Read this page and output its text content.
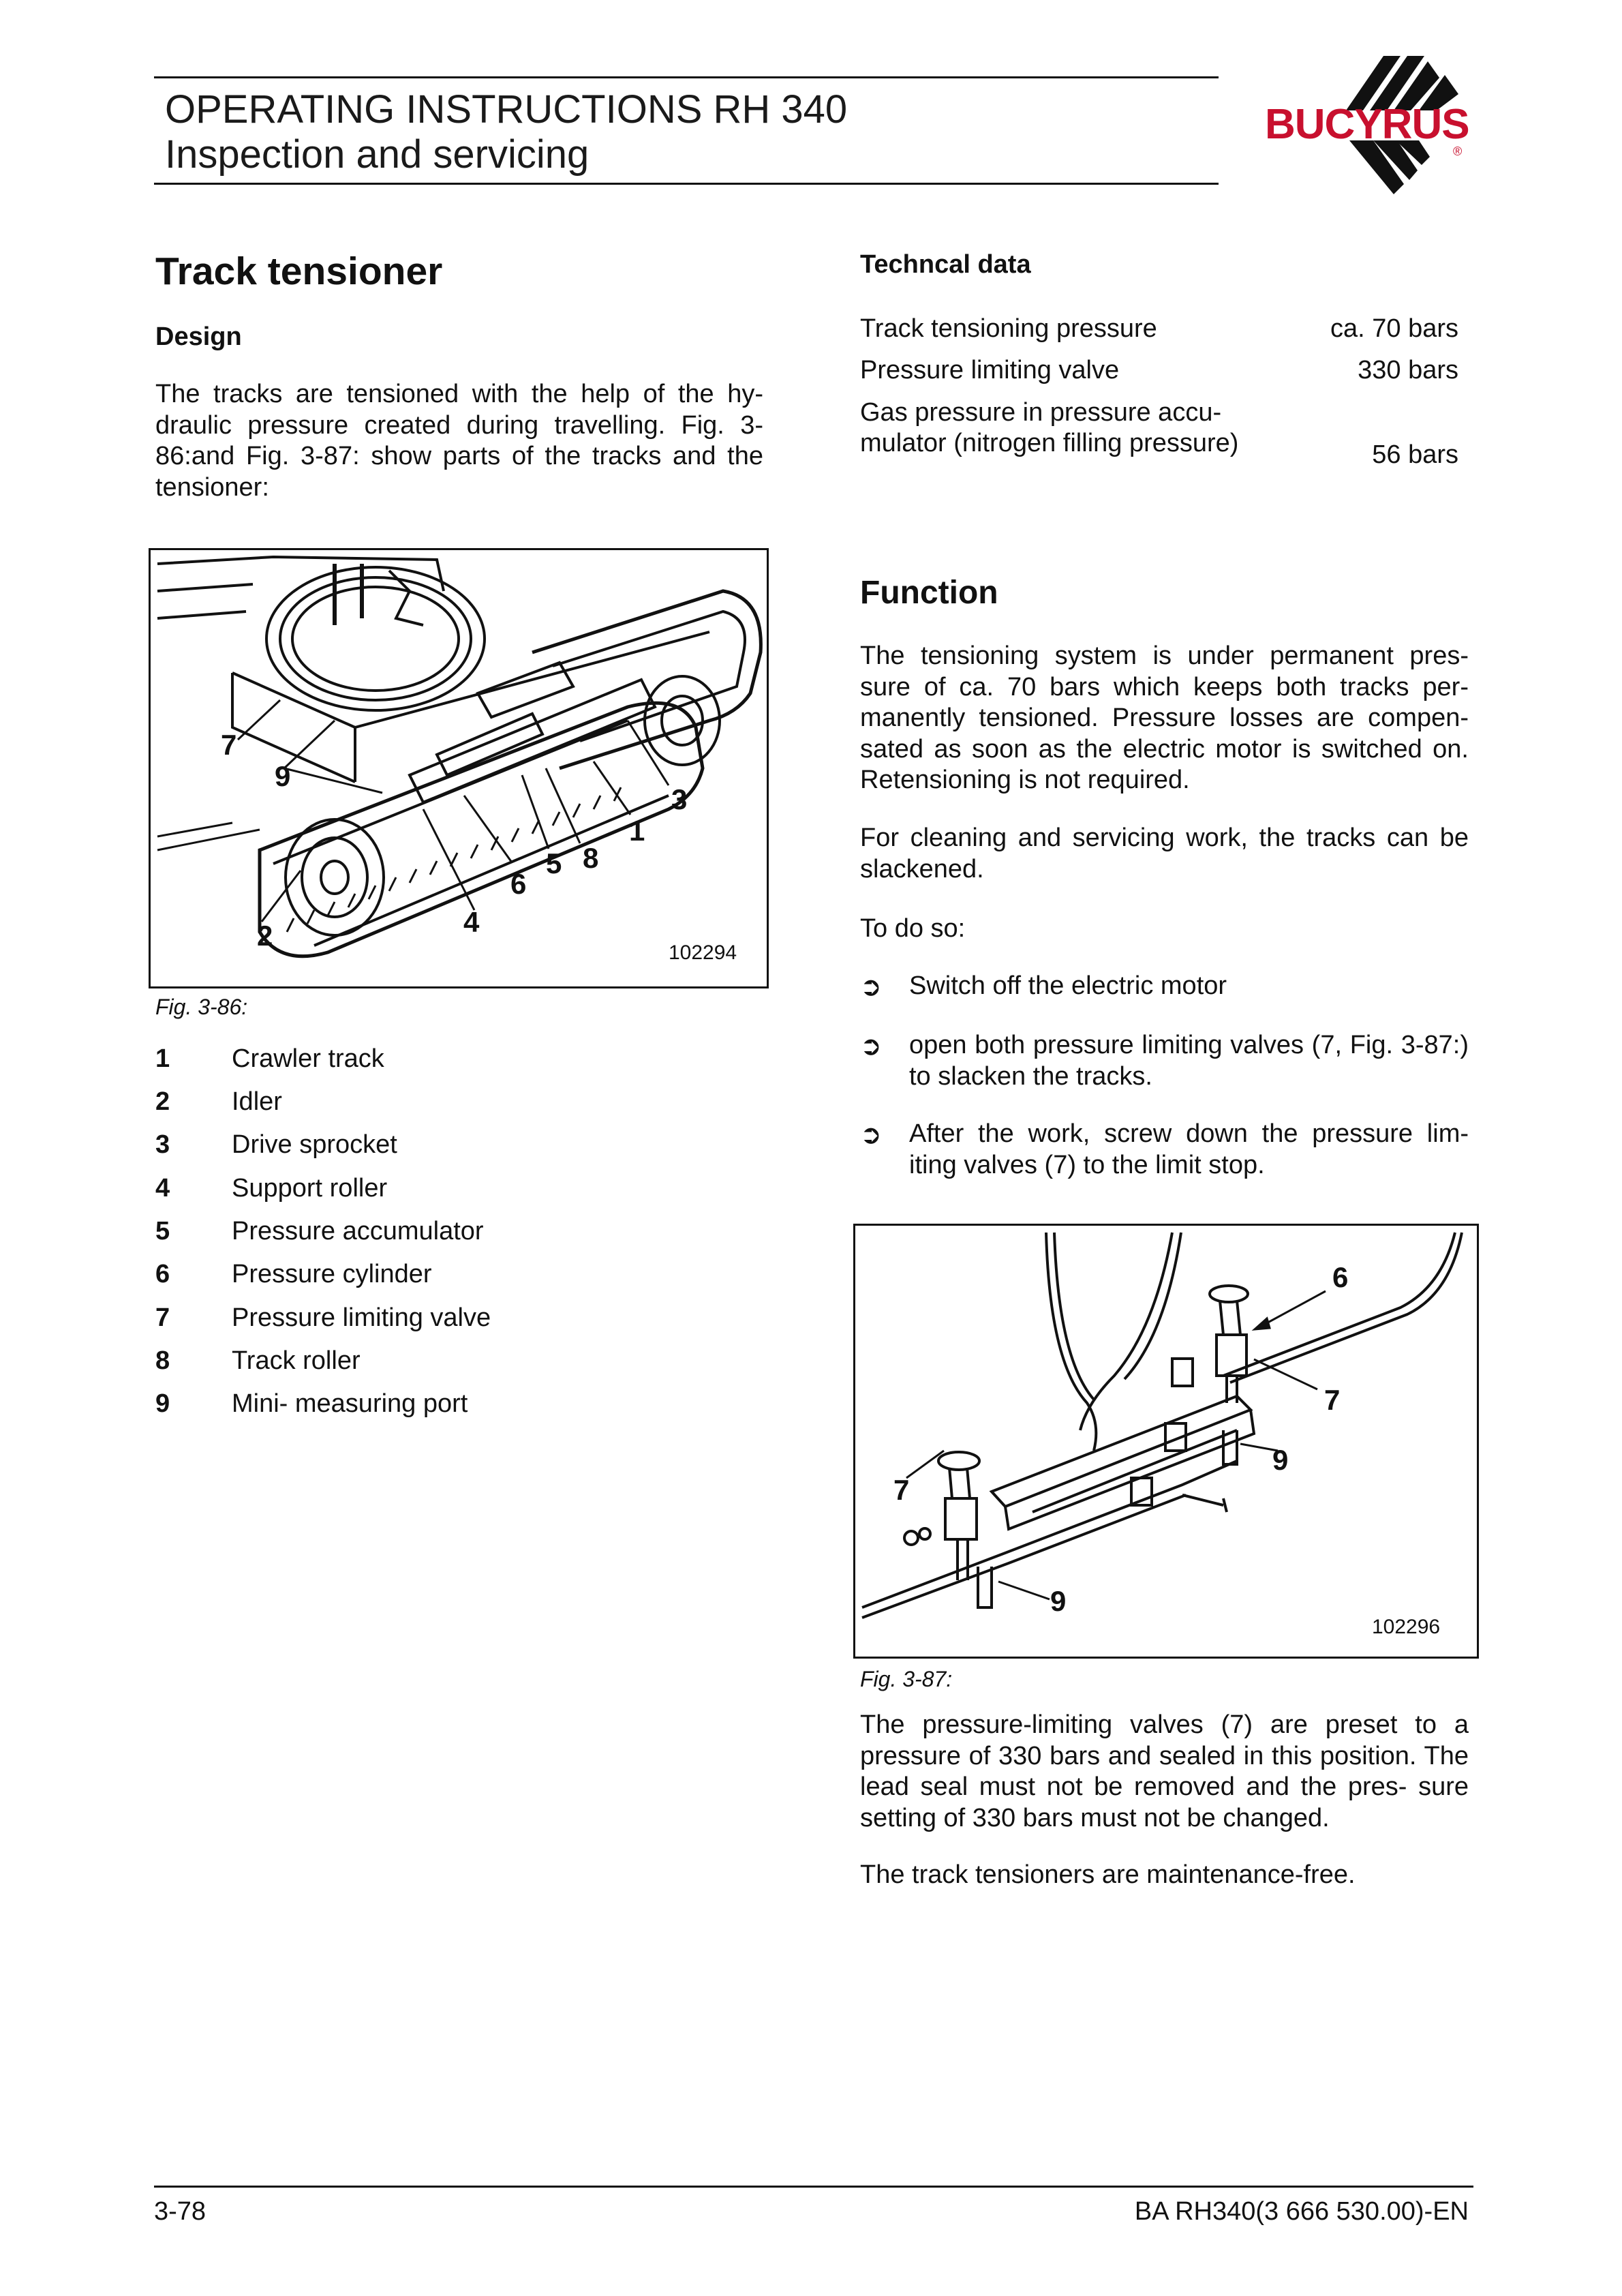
OPERATING INSTRUCTIONS RH 340
Inspection and servicing
BUCYRUS
®
Track tensioner
Design
The tracks are tensioned with the help of the hy- draulic pressure created during travelling. Fig. 3-86:and Fig. 3-87: show parts of the tracks and the tensioner:
7
9
3
1
8
5
6
4
2
102294
Fig. 3-86:
1	Crawler track
2	Idler
3	Drive sprocket
4	Support roller
5	Pressure accumulator
6	Pressure cylinder
7	Pressure limiting valve
8	Track roller
9	Mini- measuring port
Techncal data
Track tensioning pressure	ca. 70 bars
Pressure limiting valve	330 bars
Gas pressure in pressure accu- mulator (nitrogen filling pressure)	56 bars
Function
The tensioning system is under permanent pres- sure of ca. 70 bars which keeps both tracks per- manently tensioned. Pressure losses are compen- sated as soon as the electric motor is switched on. Retensioning is not required.
For cleaning and servicing work, the tracks can be slackened.
To do so:
➲ Switch off the electric motor
➲ open both pressure limiting valves (7, Fig. 3-87:) to slacken the tracks.
➲ After the work, screw down the pressure lim- iting valves (7) to the limit stop.
6
7
9
7
9
102296
Fig. 3-87:
The pressure-limiting valves (7) are preset to a pressure of 330 bars and sealed in this position. The lead seal must not be removed and the pres- sure setting of 330 bars must not be changed.
The track tensioners are maintenance-free.
3-78	BA RH340(3 666 530.00)-EN
